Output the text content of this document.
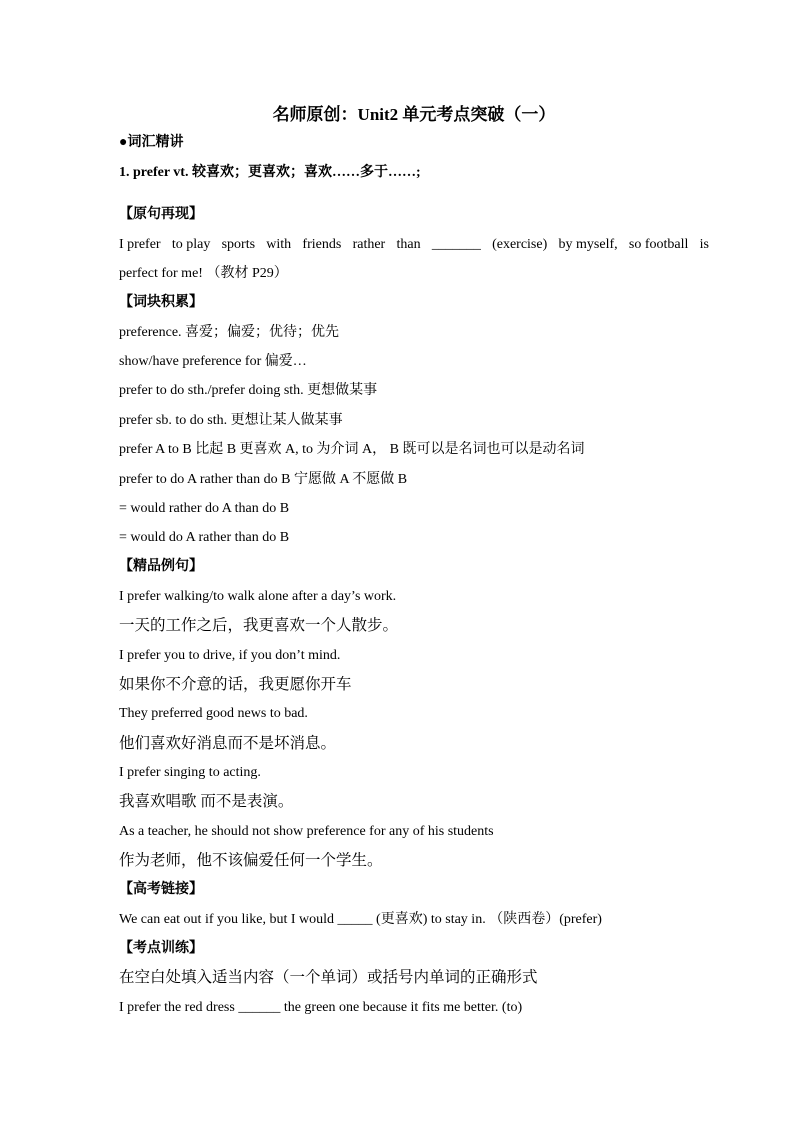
名师原创：Unit2 单元考点突破（一）
●词汇精讲
1. prefer vt. 较喜欢；更喜欢；喜欢……多于……;
【原句再现】
I prefer to play sports with friends rather than _______ (exercise) by myself, so football is
perfect for me! （教材 P29）
【词块积累】
preference. 喜爱；偏爱；优待；优先
show/have preference for 偏爱…
prefer to do sth./prefer doing sth. 更想做某事
prefer sb. to do sth. 更想让某人做某事
prefer A to B 比起 B 更喜欢 A, to 为介词 A， B 既可以是名词也可以是动名词
prefer to do A rather than do B 宁愿做 A 不愿做 B
= would rather do A than do B
= would do A rather than do B
【精品例句】
I prefer walking/to walk alone after a day’s work.
一天的工作之后，我更喜欢一个人散步。
I prefer you to drive, if you don’t mind.
如果你不介意的话，我更愿你开车
They preferred good news to bad.
他们喜欢好消息而不是坏消息。
I prefer singing to acting.
我喜欢唱歌 而不是表演。
As a teacher, he should not show preference for any of his students
作为老师，他不该偏爱任何一个学生。
【高考链接】
We can eat out if you like, but I would _____ (更喜欢) to stay in. （陕西卷）(prefer)
【考点训练】
在空白处填入适当内容（一个单词）或括号内单词的正确形式
I prefer the red dress ______ the green one because it fits me better. (to)
